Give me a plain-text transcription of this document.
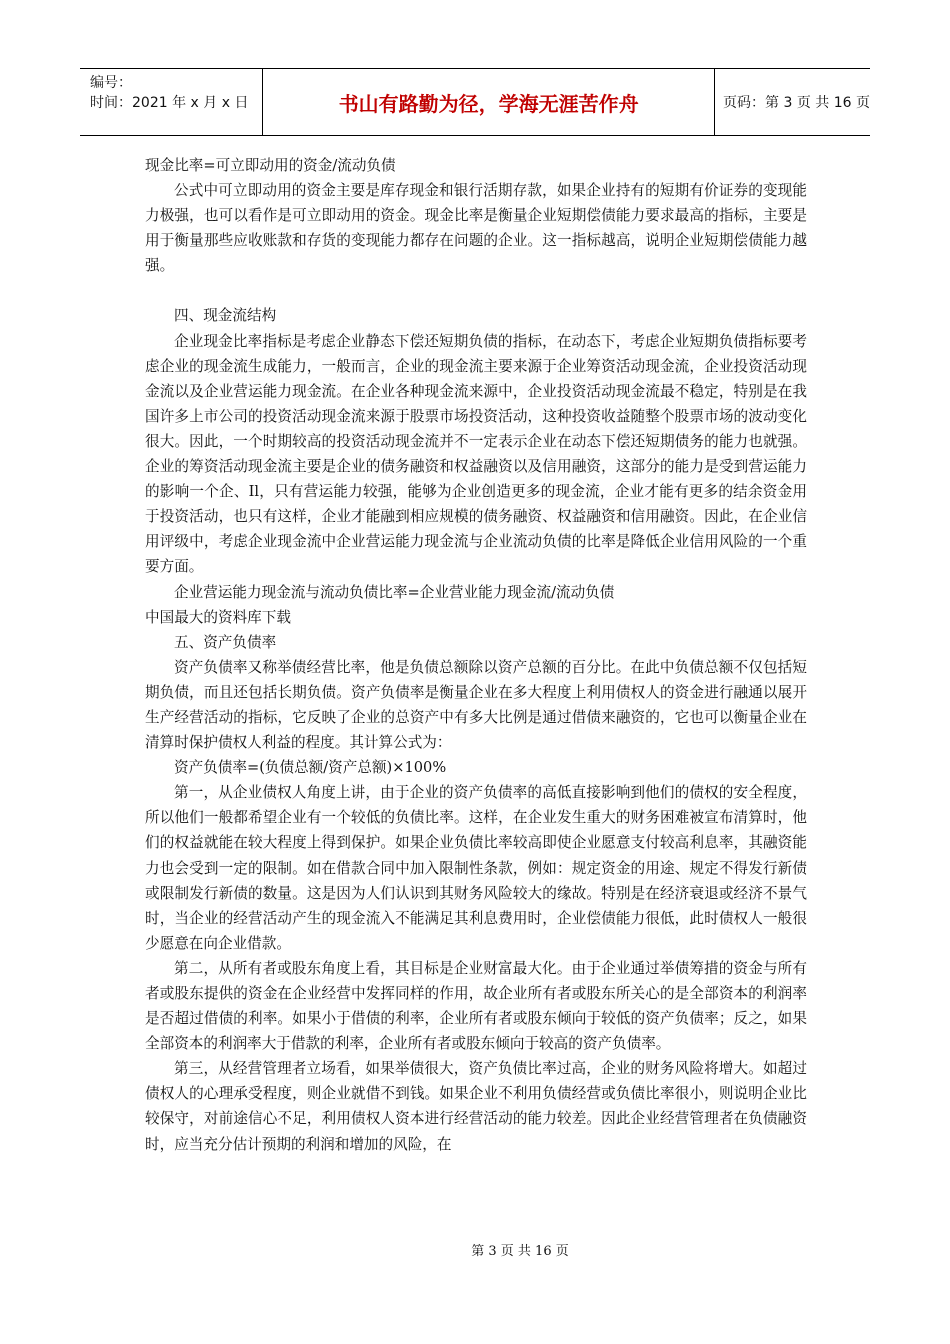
编号：
时间：2021 年 x 月 x 日	书山有路勤为径，学海无涯苦作舟	页码：第 3 页 共 16 页

现金比率=可立即动用的资金/流动负债

公式中可立即动用的资金主要是库存现金和银行活期存款，如果企业持有的短期有价证券的变现能力极强，也可以看作是可立即动用的资金。现金比率是衡量企业短期偿债能力要求最高的指标，主要是用于衡量那些应收账款和存货的变现能力都存在问题的企业。这一指标越高，说明企业短期偿债能力越强。

四、现金流结构

企业现金比率指标是考虑企业静态下偿还短期负债的指标，在动态下，考虑企业短期负债指标要考虑企业的现金流生成能力，一般而言，企业的现金流主要来源于企业筹资活动现金流，企业投资活动现金流以及企业营运能力现金流。在企业各种现金流来源中，企业投资活动现金流最不稳定，特别是在我国许多上市公司的投资活动现金流来源于股票市场投资活动，这种投资收益随整个股票市场的波动变化很大。因此，一个时期较高的投资活动现金流并不一定表示企业在动态下偿还短期债务的能力也就强。企业的筹资活动现金流主要是企业的债务融资和权益融资以及信用融资，这部分的能力是受到营运能力的影响一个企、Il，只有营运能力较强，能够为企业创造更多的现金流，企业才能有更多的结余资金用于投资活动，也只有这样，企业才能融到相应规模的债务融资、权益融资和信用融资。因此，在企业信用评级中，考虑企业现金流中企业营运能力现金流与企业流动负债的比率是降低企业信用风险的一个重要方面。

企业营运能力现金流与流动负债比率=企业营业能力现金流/流动负债

中国最大的资料库下载

五、资产负债率

资产负债率又称举债经营比率，他是负债总额除以资产总额的百分比。在此中负债总额不仅包括短期负债，而且还包括长期负债。资产负债率是衡量企业在多大程度上利用债权人的资金进行融通以展开生产经营活动的指标，它反映了企业的总资产中有多大比例是通过借债来融资的，它也可以衡量企业在清算时保护债权人利益的程度。其计算公式为：

资产负债率=(负债总额/资产总额)×100%

第一，从企业债权人角度上讲，由于企业的资产负债率的高低直接影响到他们的债权的安全程度，所以他们一般都希望企业有一个较低的负债比率。这样，在企业发生重大的财务困难被宣布清算时，他们的权益就能在较大程度上得到保护。如果企业负债比率较高即使企业愿意支付较高利息率，其融资能力也会受到一定的限制。如在借款合同中加入限制性条款，例如：规定资金的用途、规定不得发行新债或限制发行新债的数量。这是因为人们认识到其财务风险较大的缘故。特别是在经济衰退或经济不景气时，当企业的经营活动产生的现金流入不能满足其利息费用时，企业偿债能力很低，此时债权人一般很少愿意在向企业借款。

第二，从所有者或股东角度上看，其目标是企业财富最大化。由于企业通过举债筹措的资金与所有者或股东提供的资金在企业经营中发挥同样的作用，故企业所有者或股东所关心的是全部资本的利润率是否超过借债的利率。如果小于借债的利率，企业所有者或股东倾向于较低的资产负债率；反之，如果全部资本的利润率大于借款的利率，企业所有者或股东倾向于较高的资产负债率。

第三，从经营管理者立场看，如果举债很大，资产负债比率过高，企业的财务风险将增大。如超过债权人的心理承受程度，则企业就借不到钱。如果企业不利用负债经营或负债比率很小，则说明企业比较保守，对前途信心不足，利用债权人资本进行经营活动的能力较差。因此企业经营管理者在负债融资时，应当充分估计预期的利润和增加的风险，在

第 3 页 共 16 页
